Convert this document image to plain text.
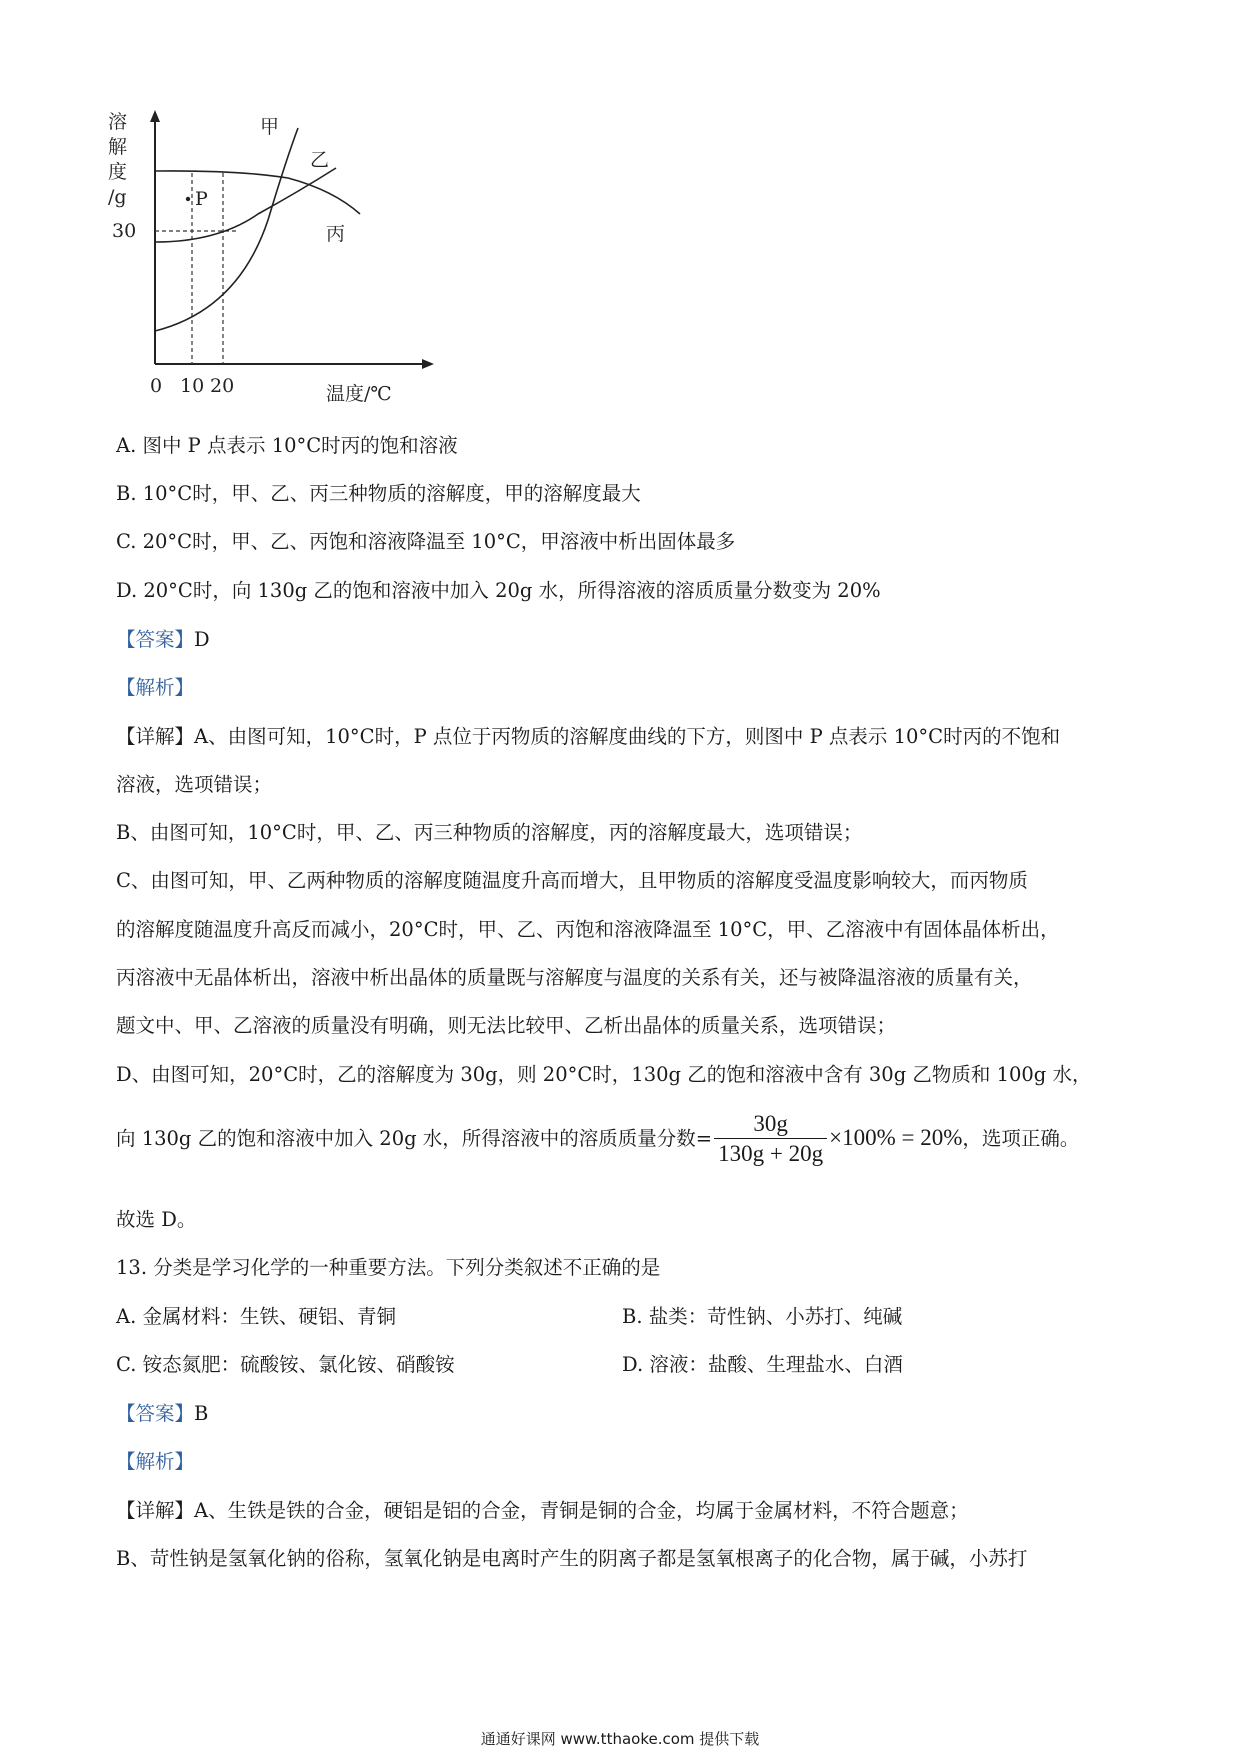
溶
解
度
/g
30
0 10 20	温度/℃
甲
乙
丙
P
A. 图中 P 点表示 10°C时丙的饱和溶液
B. 10°C时，甲、乙、丙三种物质的溶解度，甲的溶解度最大
C. 20°C时，甲、乙、丙饱和溶液降温至 10°C，甲溶液中析出固体最多
D. 20°C时，向 130g 乙的饱和溶液中加入 20g 水，所得溶液的溶质质量分数变为 20%
【答案】D
【解析】
【详解】A、由图可知，10°C时，P 点位于丙物质的溶解度曲线的下方，则图中 P 点表示 10°C时丙的不饱和
溶液，选项错误；
B、由图可知，10°C时，甲、乙、丙三种物质的溶解度，丙的溶解度最大，选项错误；
C、由图可知，甲、乙两种物质的溶解度随温度升高而增大，且甲物质的溶解度受温度影响较大，而丙物质
的溶解度随温度升高反而减小，20°C时，甲、乙、丙饱和溶液降温至 10°C，甲、乙溶液中有固体晶体析出，
丙溶液中无晶体析出，溶液中析出晶体的质量既与溶解度与温度的关系有关，还与被降温溶液的质量有关，
题文中、甲、乙溶液的质量没有明确，则无法比较甲、乙析出晶体的质量关系，选项错误；
D、由图可知，20°C时，乙的溶解度为 30g，则 20°C时，130g 乙的饱和溶液中含有 30g 乙物质和 100g 水，
向 130g 乙的饱和溶液中加入 20g 水，所得溶液中的溶质质量分数= $\frac{30g}{130g + 20g} \times 100\% = 20\%$，选项正确。
故选 D。
13. 分类是学习化学的一种重要方法。下列分类叙述不正确的是
A. 金属材料：生铁、硬铝、青铜	B. 盐类：苛性钠、小苏打、纯碱
C. 铵态氮肥：硫酸铵、氯化铵、硝酸铵	D. 溶液：盐酸、生理盐水、白酒
【答案】B
【解析】
【详解】A、生铁是铁的合金，硬铝是铝的合金，青铜是铜的合金，均属于金属材料，不符合题意；
B、苛性钠是氢氧化钠的俗称，氢氧化钠是电离时产生的阴离子都是氢氧根离子的化合物，属于碱，小苏打
通通好课网 www.tthaoke.com 提供下载
